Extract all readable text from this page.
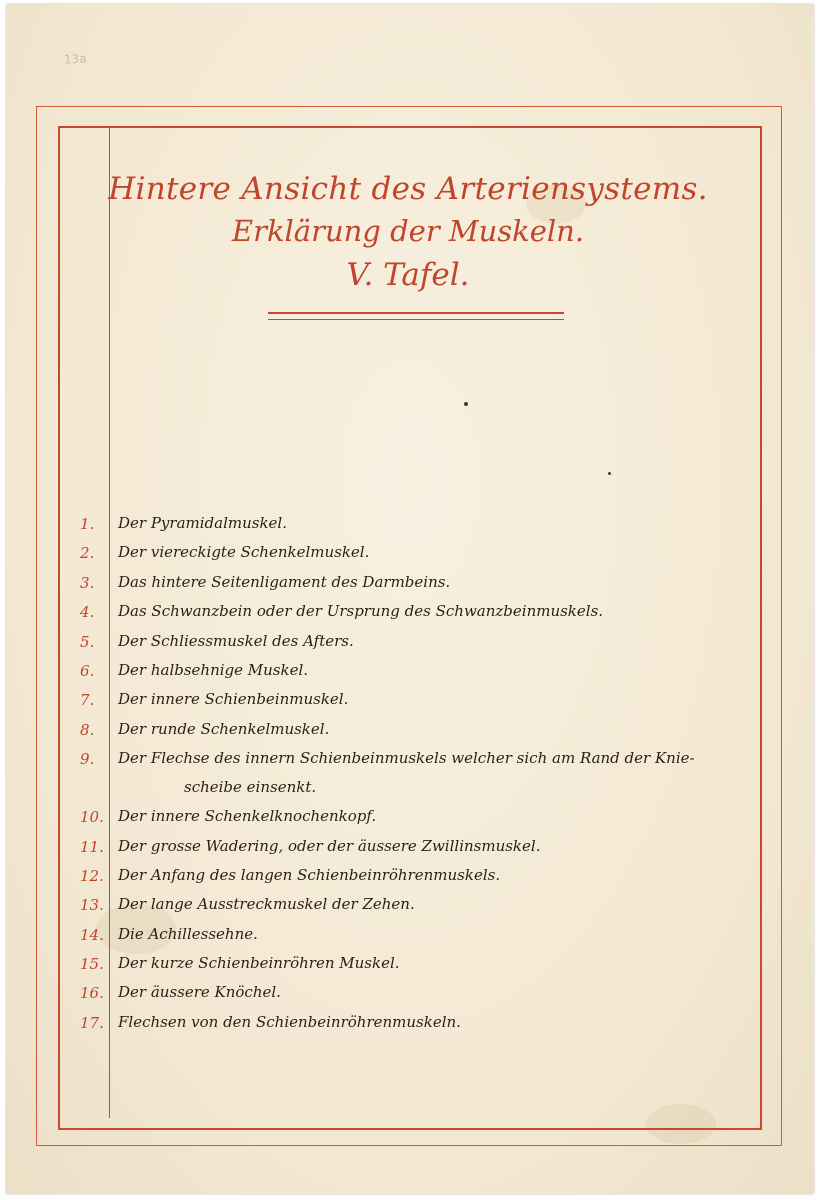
13a
Hintere Ansicht des Arteriensystems.
Erklärung der Muskeln.
V. Tafel.
1.	Der Pyramidalmuskel.
2.	Der viereckigte Schenkelmuskel.
3.	Das hintere Seitenligament des Darmbeins.
4.	Das Schwanzbein oder der Ursprung des Schwanzbeinmuskels.
5.	Der Schliessmuskel des Afters.
6.	Der halbsehnige Muskel.
7.	Der innere Schienbeinmuskel.
8.	Der runde Schenkelmuskel.
9.	Der Flechse des innern Schienbeinmuskels welcher sich am Rand der Knie-
scheibe einsenkt.
10. Der innere Schenkelknochenkopf.
11. Der grosse Wadering, oder der äussere Zwillinsmuskel.
12. Der Anfang des langen Schienbeinröhrenmuskels.
13. Der lange Ausstreckmuskel der Zehen.
14. Die Achillessehne.
15. Der kurze Schienbeinröhren Muskel.
16. Der äussere Knöchel.
17. Flechsen von den Schienbeinröhrenmuskeln.
